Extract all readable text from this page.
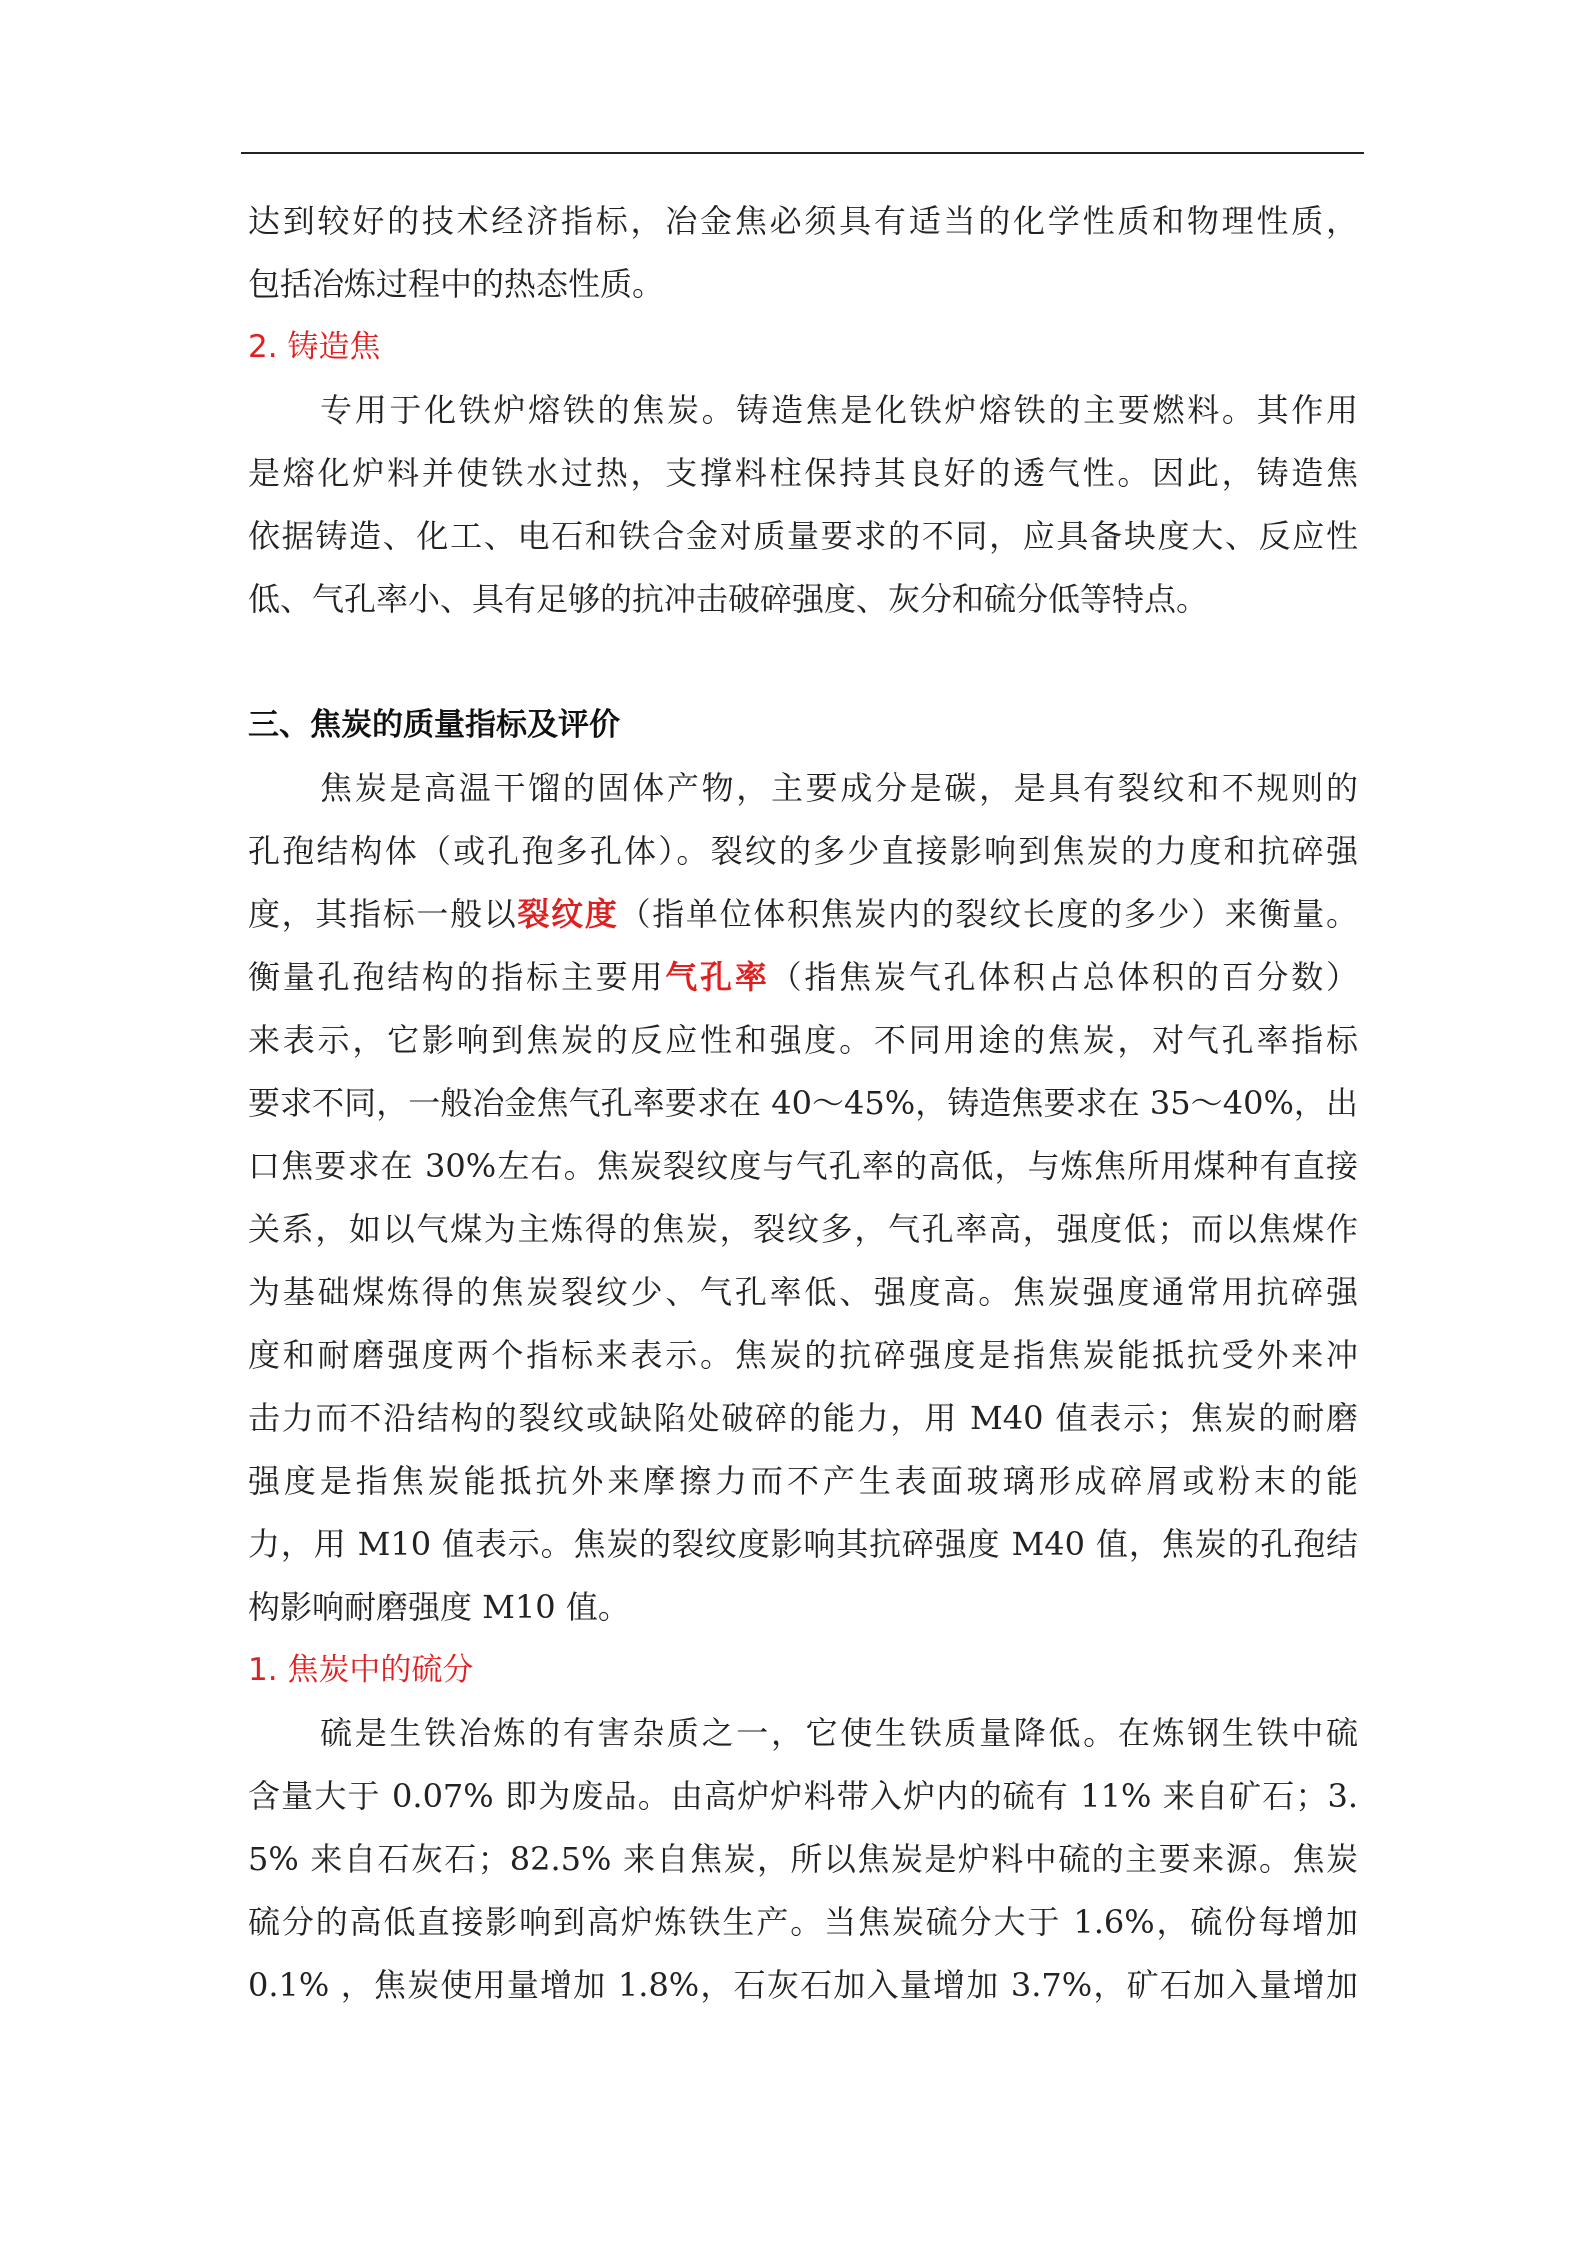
达到较好的技术经济指标，冶金焦必须具有适当的化学性质和物理性质，
包括冶炼过程中的热态性质。
2. 铸造焦
专用于化铁炉熔铁的焦炭。铸造焦是化铁炉熔铁的主要燃料。其作用
是熔化炉料并使铁水过热，支撑料柱保持其良好的透气性。因此，铸造焦
依据铸造、化工、电石和铁合金对质量要求的不同，应具备块度大、反应性
低、气孔率小、具有足够的抗冲击破碎强度、灰分和硫分低等特点。
三、焦炭的质量指标及评价
焦炭是高温干馏的固体产物，主要成分是碳，是具有裂纹和不规则的
孔孢结构体（或孔孢多孔体）。裂纹的多少直接影响到焦炭的力度和抗碎强
度，其指标一般以裂纹度（指单位体积焦炭内的裂纹长度的多少）来衡量。
衡量孔孢结构的指标主要用气孔率（指焦炭气孔体积占总体积的百分数）
来表示，它影响到焦炭的反应性和强度。不同用途的焦炭，对气孔率指标
要求不同，一般冶金焦气孔率要求在 40～45%，铸造焦要求在 35～40%，出
口焦要求在 30%左右。焦炭裂纹度与气孔率的高低，与炼焦所用煤种有直接
关系，如以气煤为主炼得的焦炭，裂纹多，气孔率高，强度低；而以焦煤作
为基础煤炼得的焦炭裂纹少、气孔率低、强度高。焦炭强度通常用抗碎强
度和耐磨强度两个指标来表示。焦炭的抗碎强度是指焦炭能抵抗受外来冲
击力而不沿结构的裂纹或缺陷处破碎的能力，用 M40 值表示；焦炭的耐磨
强度是指焦炭能抵抗外来摩擦力而不产生表面玻璃形成碎屑或粉末的能
力，用 M10 值表示。焦炭的裂纹度影响其抗碎强度 M40 值，焦炭的孔孢结
构影响耐磨强度 M10 值。
1. 焦炭中的硫分
硫是生铁冶炼的有害杂质之一，它使生铁质量降低。在炼钢生铁中硫
含量大于 0.07% 即为废品。由高炉炉料带入炉内的硫有 11% 来自矿石；3.
5% 来自石灰石；82.5% 来自焦炭，所以焦炭是炉料中硫的主要来源。焦炭
硫分的高低直接影响到高炉炼铁生产。当焦炭硫分大于 1.6%，硫份每增加
0.1% ，焦炭使用量增加 1.8%，石灰石加入量增加 3.7%，矿石加入量增加
